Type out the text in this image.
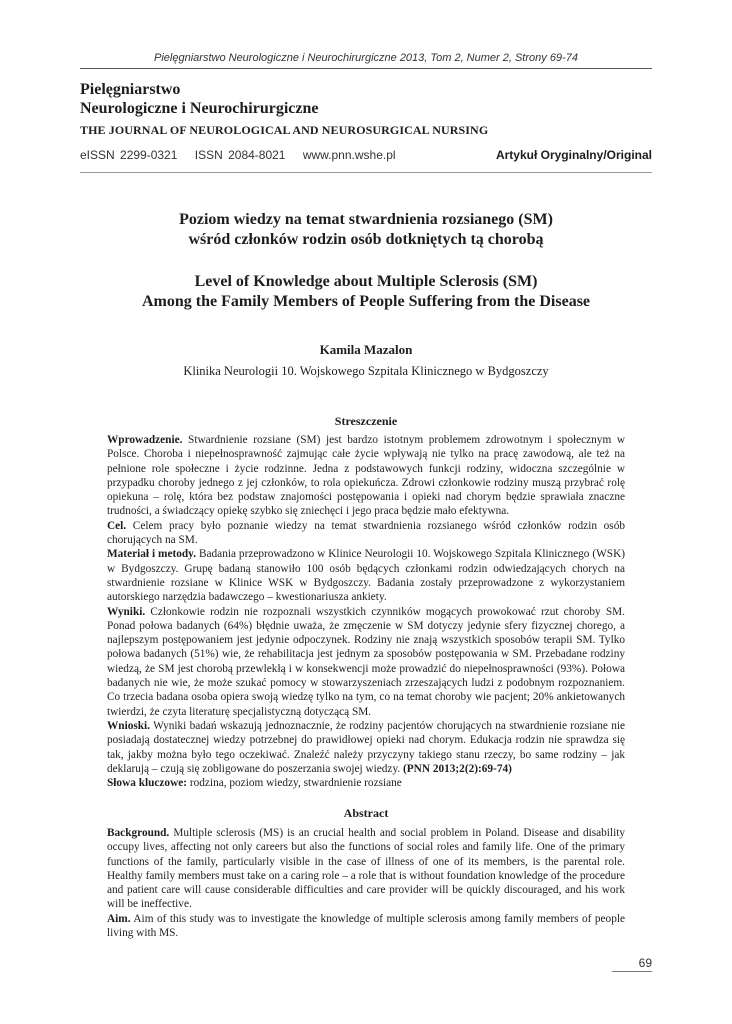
Pielęgniarstwo Neurologiczne i Neurochirurgiczne 2013, Tom 2, Numer 2, Strony 69-74
Pielęgniarstwo
Neurologiczne i Neurochirurgiczne
THE JOURNAL OF NEUROLOGICAL AND NEUROSURGICAL NURSING
eISSN 2299-0321 ISSN 2084-8021 www.pnn.wshe.pl	Artykuł Oryginalny/Original
Poziom wiedzy na temat stwardnienia rozsianego (SM)
wśród członków rodzin osób dotkniętych tą chorobą
Level of Knowledge about Multiple Sclerosis (SM)
Among the Family Members of People Suffering from the Disease
Kamila Mazalon
Klinika Neurologii 10. Wojskowego Szpitala Klinicznego w Bydgoszczy
Streszczenie

Wprowadzenie. Stwardnienie rozsiane (SM) jest bardzo istotnym problemem zdrowotnym i społecznym w Polsce. Choroba i niepełnosprawność zajmując całe życie wpływają nie tylko na pracę zawodową, ale też na pełnione role społeczne i życie rodzinne. Jedna z podstawowych funkcji rodziny, widoczna szczególnie w przypadku choroby jednego z jej członków, to rola opiekuńcza. Zdrowi członkowie rodziny muszą przybrać rolę opiekuna – rolę, która bez podstaw znajomości postępowania i opieki nad chorym będzie sprawiała znaczne trudności, a świadczący opiekę szybko się zniechęci i jego praca będzie mało efektywna.

Cel. Celem pracy było poznanie wiedzy na temat stwardnienia rozsianego wśród członków rodzin osób chorujących na SM.

Materiał i metody. Badania przeprowadzono w Klinice Neurologii 10. Wojskowego Szpitala Klinicznego (WSK) w Bydgoszczy. Grupę badaną stanowiło 100 osób będących członkami rodzin odwiedzających chorych na stwardnienie rozsiane w Klinice WSK w Bydgoszczy. Badania zostały przeprowadzone z wykorzystaniem autorskiego narzędzia badawczego – kwestionariusza ankiety.

Wyniki. Członkowie rodzin nie rozpoznali wszystkich czynników mogących prowokować rzut choroby SM. Ponad połowa badanych (64%) błędnie uważa, że zmęczenie w SM dotyczy jedynie sfery fizycznej chorego, a najlepszym postępowaniem jest jedynie odpoczynek. Rodziny nie znają wszystkich sposobów terapii SM. Tylko połowa badanych (51%) wie, że rehabilitacja jest jednym za sposobów postępowania w SM. Przebadane rodziny wiedzą, że SM jest chorobą przewlekłą i w konsekwencji może prowadzić do niepełnosprawności (93%). Połowa badanych nie wie, że może szukać pomocy w stowarzyszeniach zrzeszających ludzi z podobnym rozpoznaniem. Co trzecia badana osoba opiera swoją wiedzę tylko na tym, co na temat choroby wie pacjent; 20% ankietowanych twierdzi, że czyta literaturę specjalistyczną dotyczącą SM.

Wnioski. Wyniki badań wskazują jednoznacznie, że rodziny pacjentów chorujących na stwardnienie rozsiane nie posiadają dostatecznej wiedzy potrzebnej do prawidłowej opieki nad chorym. Edukacja rodzin nie sprawdza się tak, jakby można było tego oczekiwać. Znaleźć należy przyczyny takiego stanu rzeczy, bo same rodziny – jak deklarują – czują się zobligowane do poszerzania swojej wiedzy. (PNN 2013;2(2):69-74)

Słowa kluczowe: rodzina, poziom wiedzy, stwardnienie rozsiane

Abstract

Background. Multiple sclerosis (MS) is an crucial health and social problem in Poland. Disease and disability occupy lives, affecting not only careers but also the functions of social roles and family life. One of the primary functions of the family, particularly visible in the case of illness of one of its members, is the parental role. Healthy family members must take on a caring role – a role that is without foundation knowledge of the procedure and patient care will cause considerable difficulties and care provider will be quickly discouraged, and his work will be ineffective.

Aim. Aim of this study was to investigate the knowledge of multiple sclerosis among family members of people living with MS.

69
